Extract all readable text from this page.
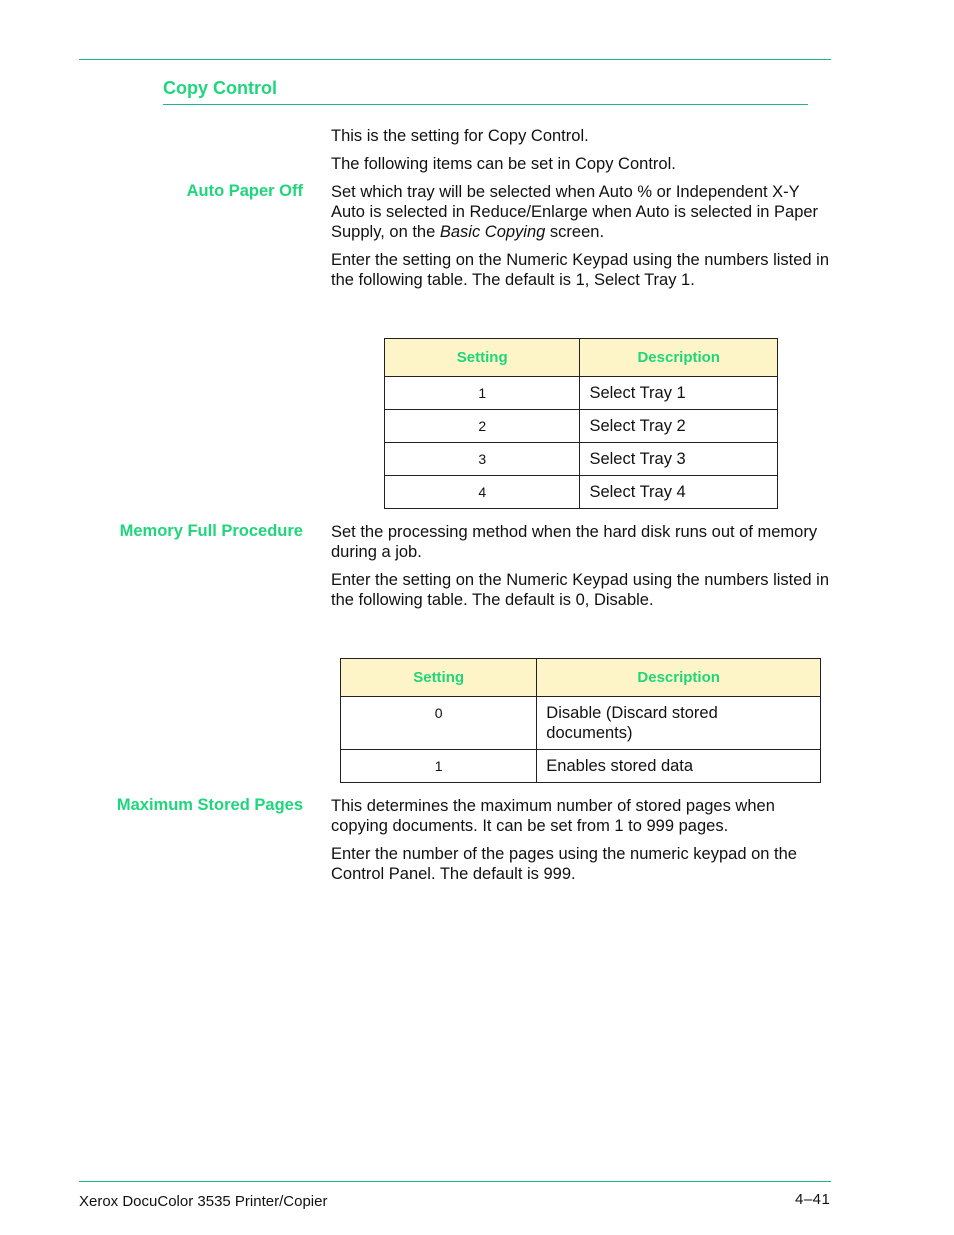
Copy Control
This is the setting for Copy Control.
The following items can be set in Copy Control.
Auto Paper Off Set which tray will be selected when Auto % or Independent X-Y Auto is selected in Reduce/Enlarge when Auto is selected in Paper Supply, on the Basic Copying screen.
Enter the setting on the Numeric Keypad using the numbers listed in the following table. The default is 1, Select Tray 1.
Setting	Description
1	Select Tray 1
2	Select Tray 2
3	Select Tray 3
4	Select Tray 4
Memory Full Procedure Set the processing method when the hard disk runs out of memory during a job.
Enter the setting on the Numeric Keypad using the numbers listed in the following table. The default is 0, Disable.
Setting	Description
0	Disable (Discard stored documents)

1	Enables stored data
Maximum Stored Pages This determines the maximum number of stored pages when copying documents. It can be set from 1 to 999 pages.
Enter the number of the pages using the numeric keypad on the Control Panel. The default is 999.
Xerox DocuColor 3535 Printer/Copier	4–41
